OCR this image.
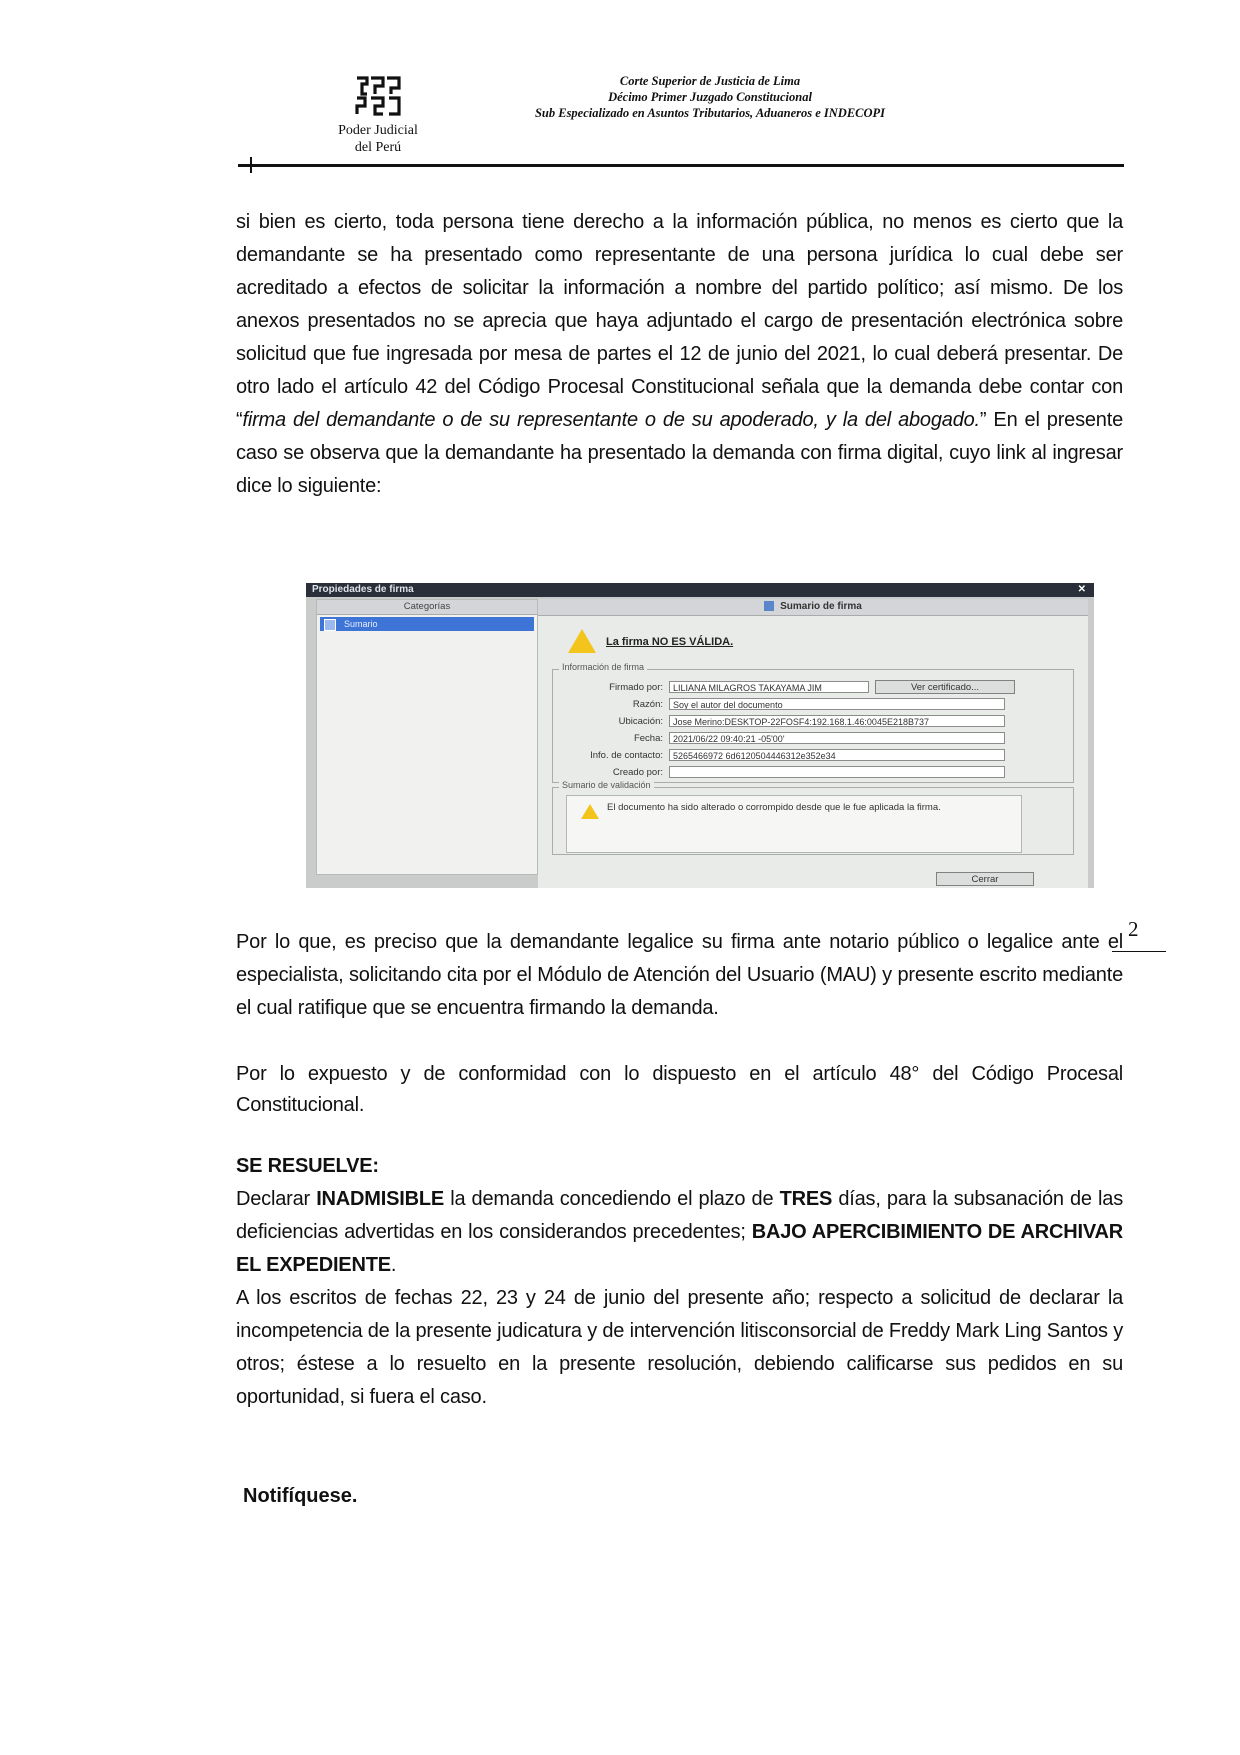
Poder Judicial
del Perú
Corte Superior de Justicia de Lima
Décimo Primer Juzgado Constitucional
Sub Especializado en Asuntos Tributarios, Aduaneros e INDECOPI
si bien es cierto, toda persona tiene derecho a la información pública, no menos es cierto que la demandante se ha presentado como representante de una persona jurídica lo cual debe ser acreditado a efectos de solicitar la información a nombre del partido político; así mismo. De los anexos presentados no se aprecia que haya adjuntado el cargo de presentación electrónica sobre solicitud que fue ingresada por mesa de partes el 12 de junio del 2021, lo cual deberá presentar. De otro lado el artículo 42 del Código Procesal Constitucional señala que la demanda debe contar con “firma del demandante o de su representante o de su apoderado, y la del abogado.” En el presente caso se observa que la demandante ha presentado la demanda con firma digital, cuyo link al ingresar dice lo siguiente:
Propiedades de firma	✕
Categorías
Sumario
Sumario de firma
La firma NO ES VÁLIDA.
Información de firma
Firmado por:	LILIANA MILAGROS TAKAYAMA JIM	Ver certificado...
Razón:	Soy el autor del documento
Ubicación:	Jose Merino:DESKTOP-22FOSF4:192.168.1.46:0045E218B737
Fecha:	2021/06/22 09:40:21 -05'00'
Info. de contacto:	5265466972 6d6120504446312e352e34
Creado por:
Sumario de validación
El documento ha sido alterado o corrompido desde que le fue aplicada la firma.
Cerrar
2
Por lo que, es preciso que la demandante legalice su firma ante notario público o legalice ante el especialista, solicitando cita por el Módulo de Atención del Usuario (MAU) y presente escrito mediante el cual ratifique que se encuentra firmando la demanda.
Por lo expuesto y de conformidad con lo dispuesto en el artículo 48° del Código Procesal Constitucional.
SE RESUELVE:
Declarar INADMISIBLE la demanda concediendo el plazo de TRES días, para la subsanación de las deficiencias advertidas en los considerandos precedentes; BAJO APERCIBIMIENTO DE ARCHIVAR EL EXPEDIENTE.
A los escritos de fechas 22, 23 y 24 de junio del presente año; respecto a solicitud de declarar la incompetencia de la presente judicatura y de intervención litisconsorcial de Freddy Mark Ling Santos y otros; éstese a lo resuelto en la presente resolución, debiendo calificarse sus pedidos en su oportunidad, si fuera el caso.
Notifíquese.
